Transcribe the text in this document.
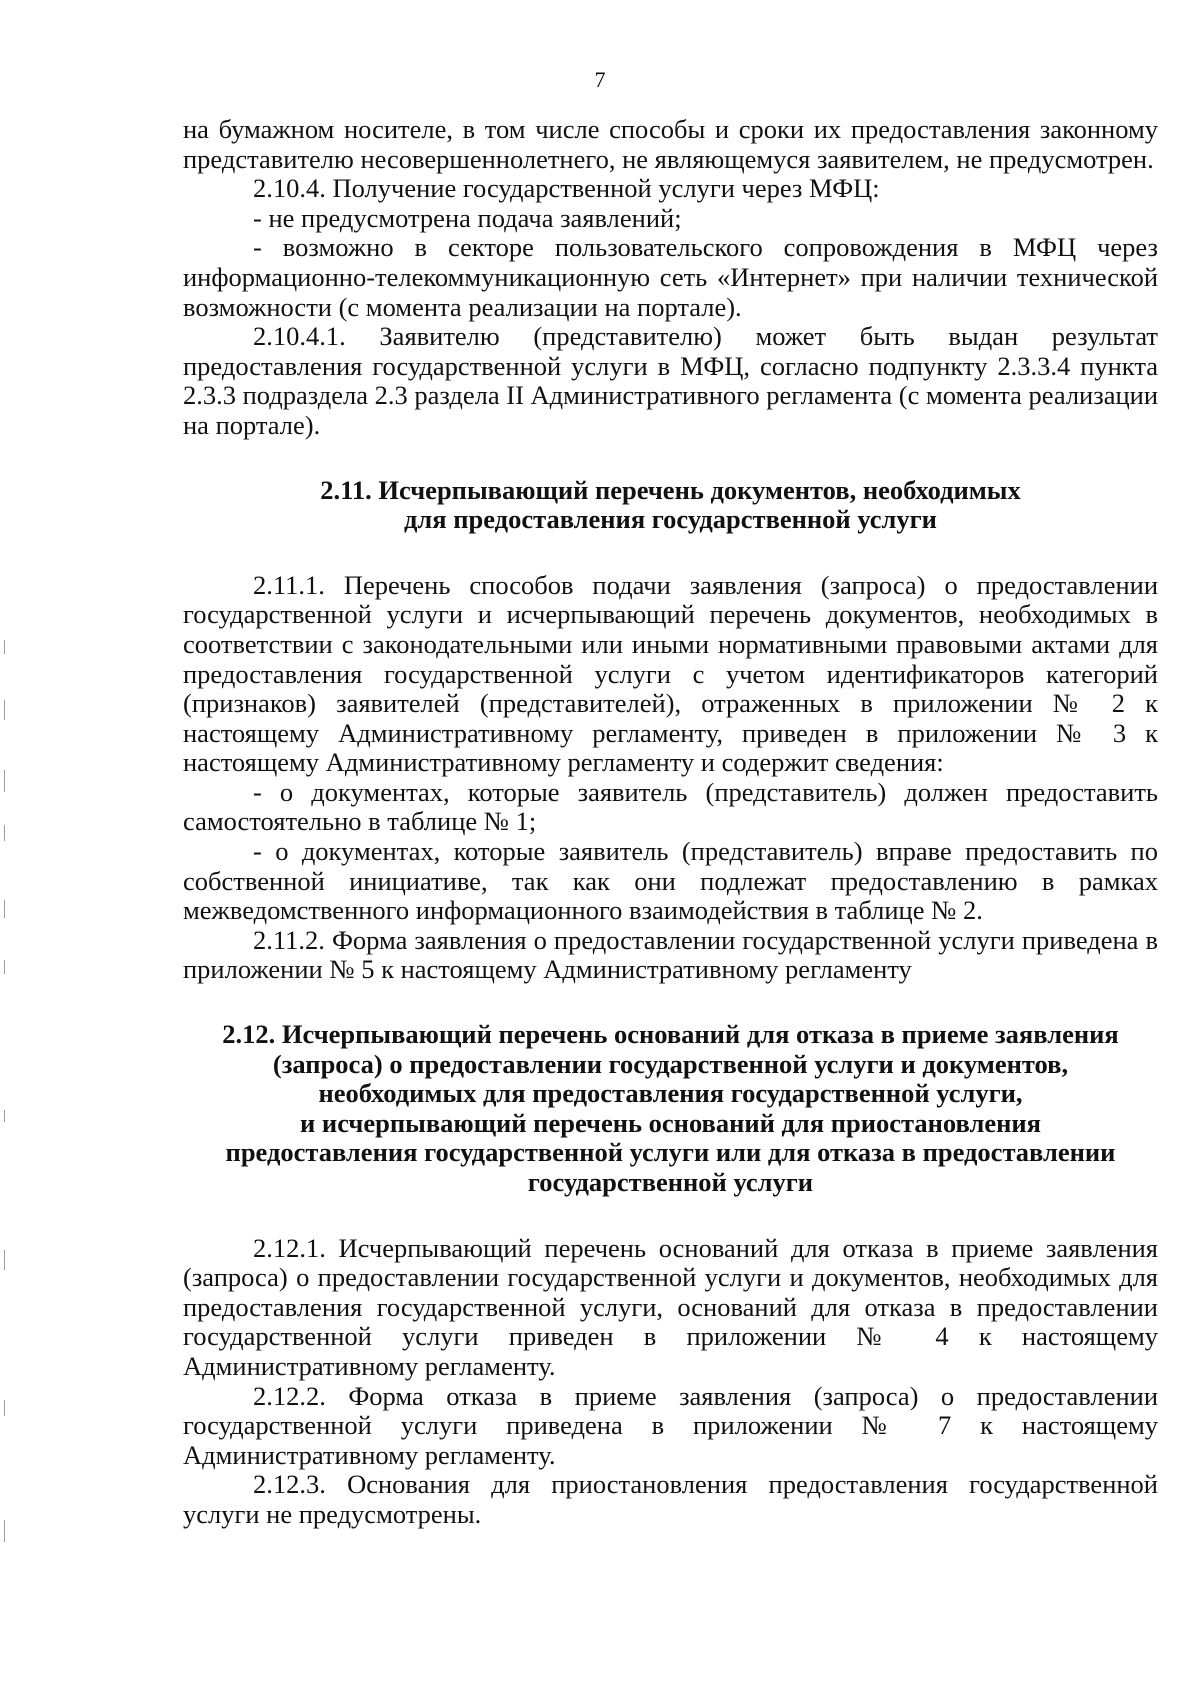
7

на бумажном носителе, в том числе способы и сроки их предоставления законному представителю несовершеннолетнего, не являющемуся заявителем, не предусмотрен.

2.10.4. Получение государственной услуги через МФЦ:

- не предусмотрена подача заявлений;

- возможно в секторе пользовательского сопровождения в МФЦ через информационно-телекоммуникационную сеть «Интернет» при наличии технической возможности (с момента реализации на портале).

2.10.4.1. Заявителю (представителю) может быть выдан результат предоставления государственной услуги в МФЦ, согласно подпункту 2.3.3.4 пункта 2.3.3 подраздела 2.3 раздела II Административного регламента (с момента реализации на портале).

2.11. Исчерпывающий перечень документов, необходимых
для предоставления государственной услуги

2.11.1. Перечень способов подачи заявления (запроса) о предоставлении государственной услуги и исчерпывающий перечень документов, необходимых в соответствии с законодательными или иными нормативными правовыми актами для предоставления государственной услуги с учетом идентификаторов категорий (признаков) заявителей (представителей), отраженных в приложении № 2 к настоящему Административному регламенту, приведен в приложении № 3 к настоящему Административному регламенту и содержит сведения:

- о документах, которые заявитель (представитель) должен предоставить самостоятельно в таблице № 1;

- о документах, которые заявитель (представитель) вправе предоставить по собственной инициативе, так как они подлежат предоставлению в рамках межведомственного информационного взаимодействия в таблице № 2.

2.11.2. Форма заявления о предоставлении государственной услуги приведена в приложении № 5 к настоящему Административному регламенту

2.12. Исчерпывающий перечень оснований для отказа в приеме заявления
(запроса) о предоставлении государственной услуги и документов,
необходимых для предоставления государственной услуги,
и исчерпывающий перечень оснований для приостановления
предоставления государственной услуги или для отказа в предоставлении
государственной услуги

2.12.1. Исчерпывающий перечень оснований для отказа в приеме заявления (запроса) о предоставлении государственной услуги и документов, необходимых для предоставления государственной услуги, оснований для отказа в предоставлении государственной услуги приведен в приложении № 4 к настоящему Административному регламенту.

2.12.2. Форма отказа в приеме заявления (запроса) о предоставлении государственной услуги приведена в приложении № 7 к настоящему Административному регламенту.

2.12.3. Основания для приостановления предоставления государственной услуги не предусмотрены.
